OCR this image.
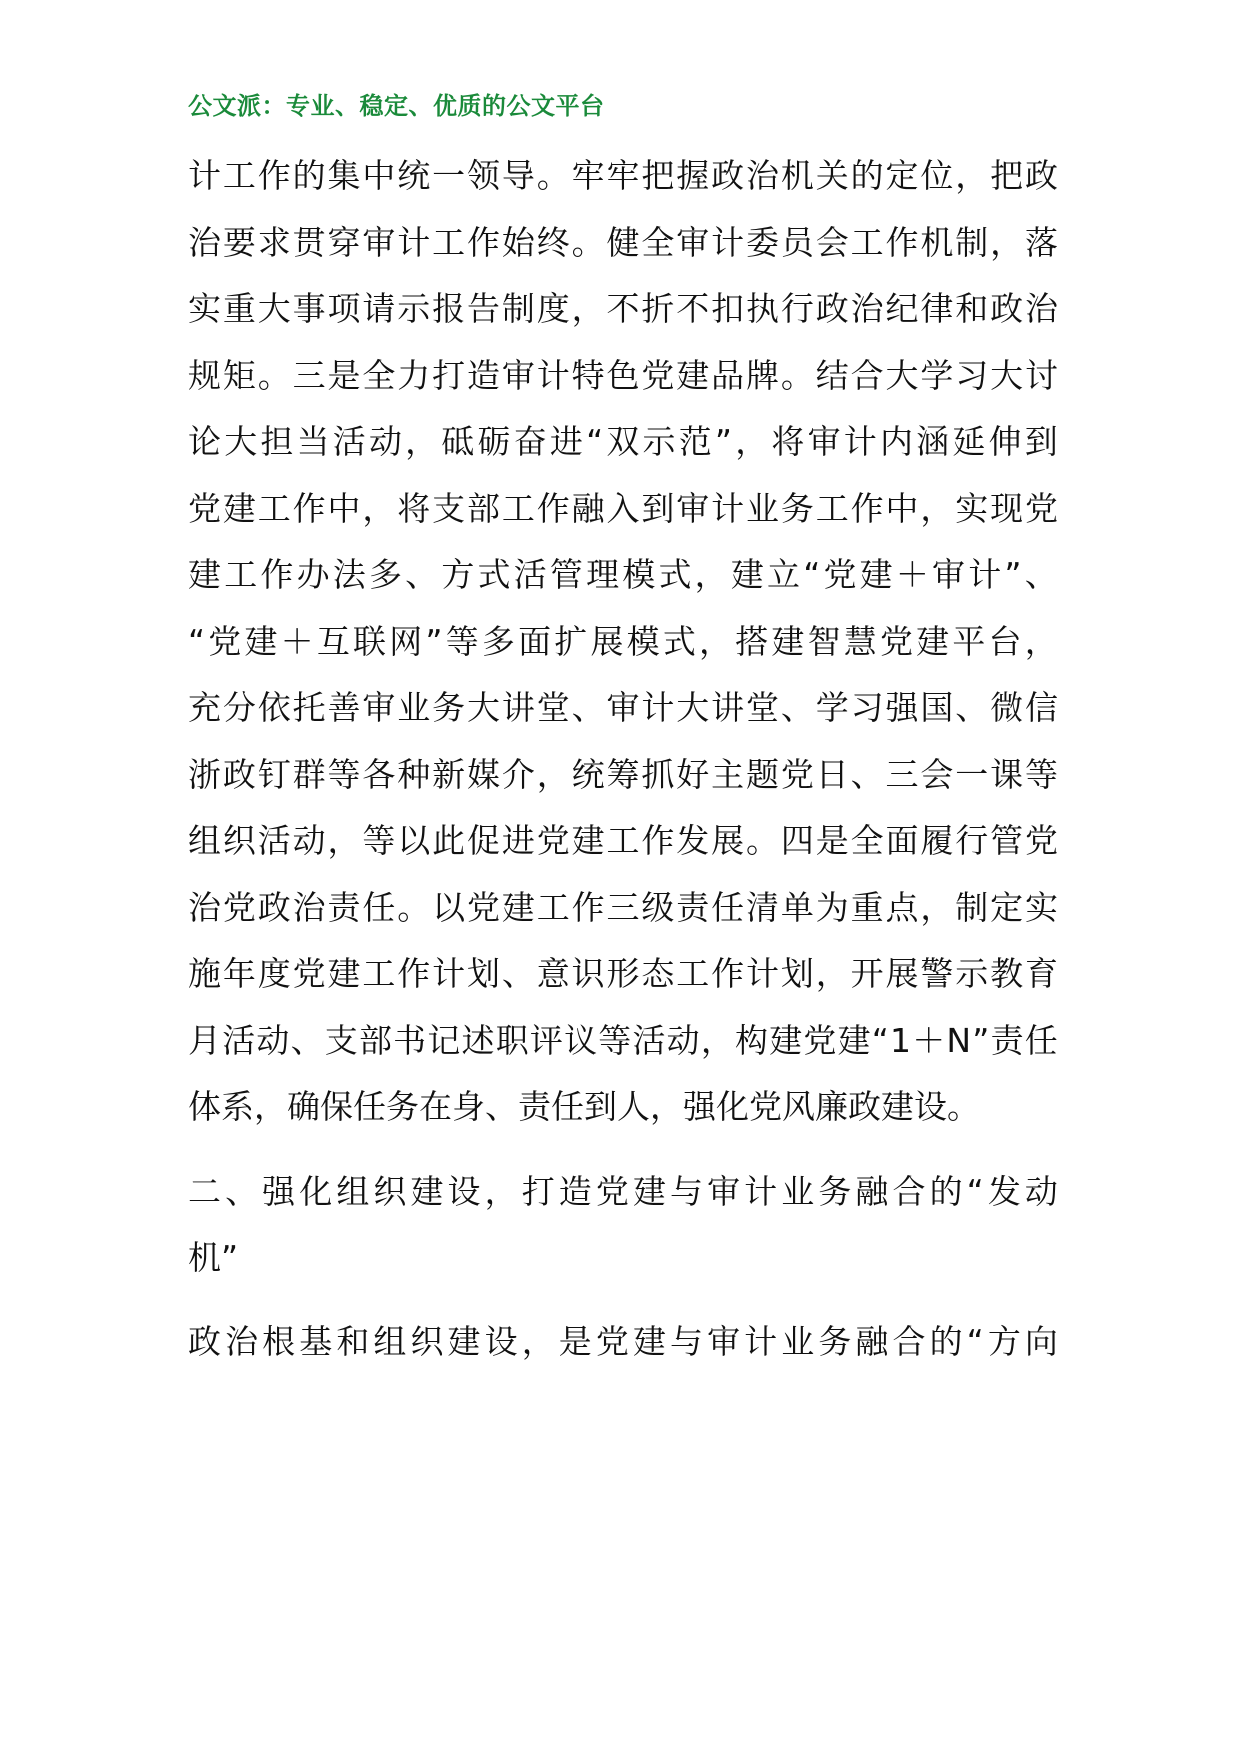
公文派：专业、稳定、优质的公文平台
计 工 作 的 集 中 统 一 领 导 。 牢 牢 把 握 政 治 机 关 的 定 位 ， 把 政
治 要 求 贯 穿 审 计 工 作 始 终 。 健 全 审 计 委 员 会 工 作 机 制 ， 落
实 重 大 事 项 请 示 报 告 制 度 ， 不 折 不 扣 执 行 政 治 纪 律 和 政 治
规 矩 。 三 是 全 力 打 造 审 计 特 色 党 建 品 牌 。 结 合 大 学 习 大 讨
论 大 担 当 活 动 ， 砥 砺 奋 进 “ 双 示 范 ” ， 将 审 计 内 涵 延 伸 到
党 建 工 作 中 ， 将 支 部 工 作 融 入 到 审 计 业 务 工 作 中 ， 实 现 党
建 工 作 办 法 多 、 方 式 活 管 理 模 式 ， 建 立 “ 党 建 ＋ 审 计 ” 、
“ 党 建 ＋ 互 联 网 ” 等 多 面 扩 展 模 式 ， 搭 建 智 慧 党 建 平 台 ，
充 分 依 托 善 审 业 务 大 讲 堂 、 审 计 大 讲 堂 、 学 习 强 国 、 微 信
浙 政 钉 群 等 各 种 新 媒 介 ， 统 筹 抓 好 主 题 党 日 、 三 会 一 课 等
组 织 活 动 ， 等 以 此 促 进 党 建 工 作 发 展 。 四 是 全 面 履 行 管 党
治 党 政 治 责 任 。 以 党 建 工 作 三 级 责 任 清 单 为 重 点 ， 制 定 实
施 年 度 党 建 工 作 计 划 、 意 识 形 态 工 作 计 划 ， 开 展 警 示 教 育
月 活 动 、 支 部 书 记 述 职 评 议 等 活 动 ， 构 建 党 建 “ 1 ＋ N ” 责 任
体系，确保任务在身、责任到人，强化党风廉政建设。
二 、 强 化 组 织 建 设 ， 打 造 党 建 与 审 计 业 务 融 合 的 “ 发 动
机”
政 治 根 基 和 组 织 建 设 ， 是 党 建 与 审 计 业 务 融 合 的 “ 方 向
